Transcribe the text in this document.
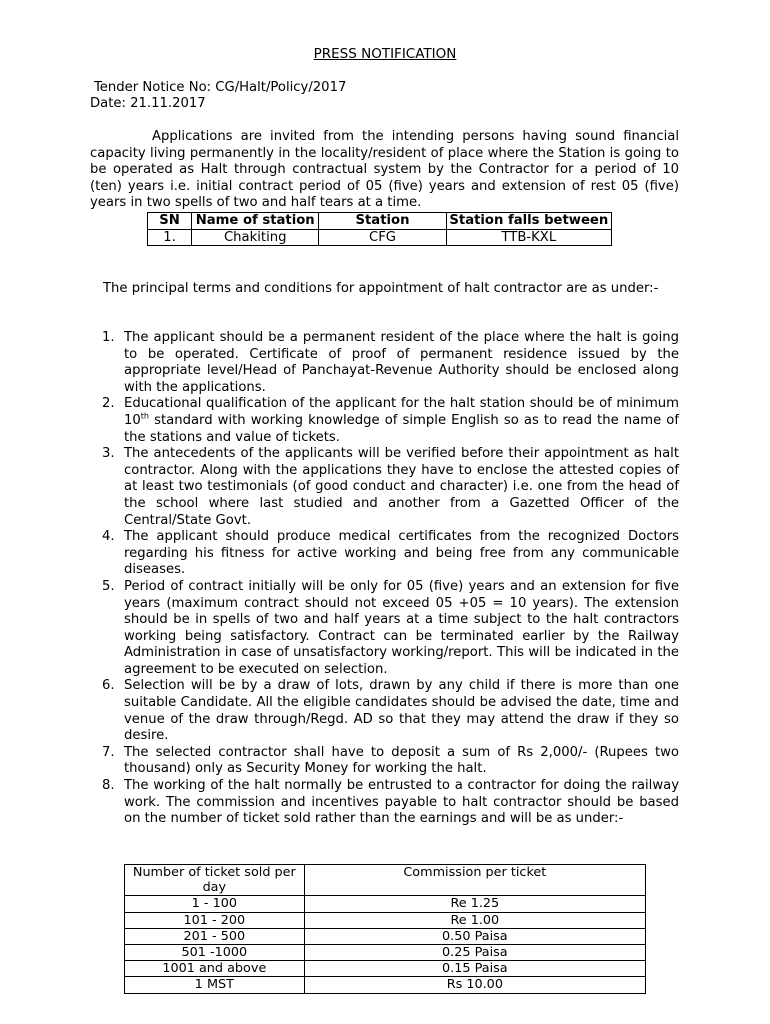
PRESS NOTIFICATION
Tender Notice No: CG/Halt/Policy/2017
Date: 21.11.2017
Applications are invited from the intending persons having sound financial capacity living permanently in the locality/resident of place where the Station is going to be operated as Halt through contractual system by the Contractor for a period of 10 (ten) years i.e. initial contract period of 05 (five) years and extension of rest 05 (five) years in two spells of two and half tears at a time.
SN	Name of station	Station	Station falls between
1.	Chakiting	CFG	TTB-KXL
The principal terms and conditions for appointment of halt contractor are as under:-
1. The applicant should be a permanent resident of the place where the halt is going to be operated. Certificate of proof of permanent residence issued by the appropriate level/Head of Panchayat-Revenue Authority should be enclosed along with the applications.
2. Educational qualification of the applicant for the halt station should be of minimum 10th standard with working knowledge of simple English so as to read the name of the stations and value of tickets.
3. The antecedents of the applicants will be verified before their appointment as halt contractor. Along with the applications they have to enclose the attested copies of at least two testimonials (of good conduct and character) i.e. one from the head of the school where last studied and another from a Gazetted Officer of the Central/State Govt.
4. The applicant should produce medical certificates from the recognized Doctors regarding his fitness for active working and being free from any communicable diseases.
5. Period of contract initially will be only for 05 (five) years and an extension for five years (maximum contract should not exceed 05 +05 = 10 years). The extension should be in spells of two and half years at a time subject to the halt contractors working being satisfactory. Contract can be terminated earlier by the Railway Administration in case of unsatisfactory working/report. This will be indicated in the agreement to be executed on selection.
6. Selection will be by a draw of lots, drawn by any child if there is more than one suitable Candidate. All the eligible candidates should be advised the date, time and venue of the draw through/Regd. AD so that they may attend the draw if they so desire.
7. The selected contractor shall have to deposit a sum of Rs 2,000/- (Rupees two thousand) only as Security Money for working the halt.
8. The working of the halt normally be entrusted to a contractor for doing the railway work. The commission and incentives payable to halt contractor should be based on the number of ticket sold rather than the earnings and will be as under:-
Number of ticket sold per day	Commission per ticket
1 - 100	Re 1.25
101 - 200	Re 1.00
201 - 500	0.50 Paisa
501 -1000	0.25 Paisa
1001 and above	0.15 Paisa
1 MST	Rs 10.00
